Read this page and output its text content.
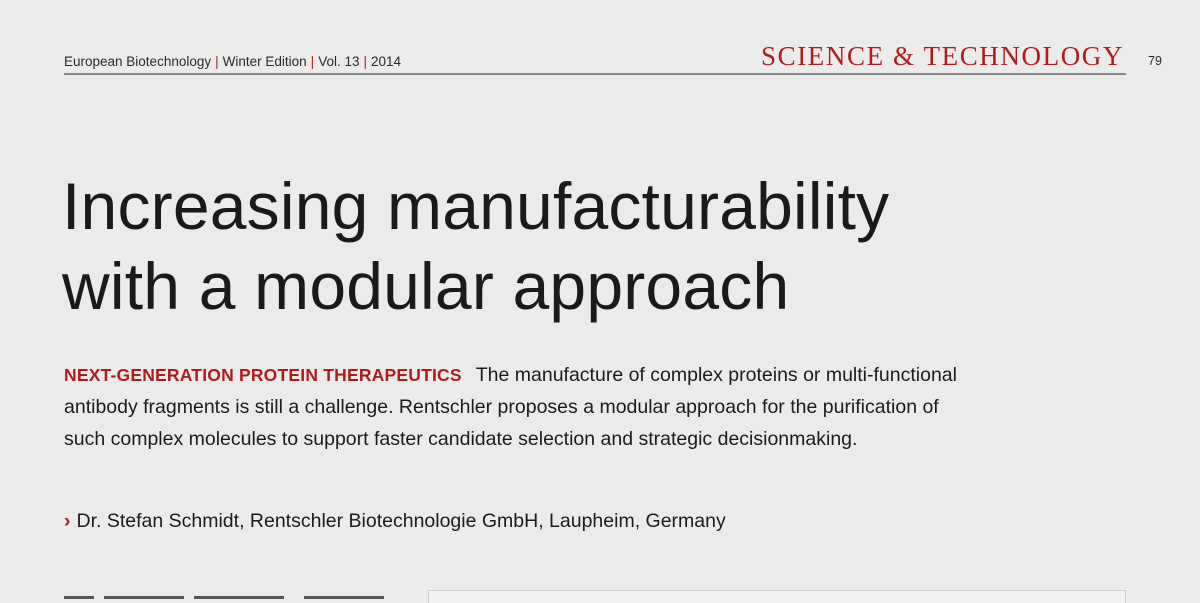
European Biotechnology | Winter Edition | Vol. 13 | 2014	SCIENCE & TECHNOLOGY 79
Increasing manufacturability
with a modular approach

NEXT-GENERATION PROTEIN THERAPEUTICS The manufacture of complex proteins or multi-functional antibody fragments is still a challenge. Rentschler proposes a modular approach for the purification of such complex molecules to support faster candidate selection and strategic decisionmaking.

› Dr. Stefan Schmidt, Rentschler Biotechnologie GmbH, Laupheim, Germany
